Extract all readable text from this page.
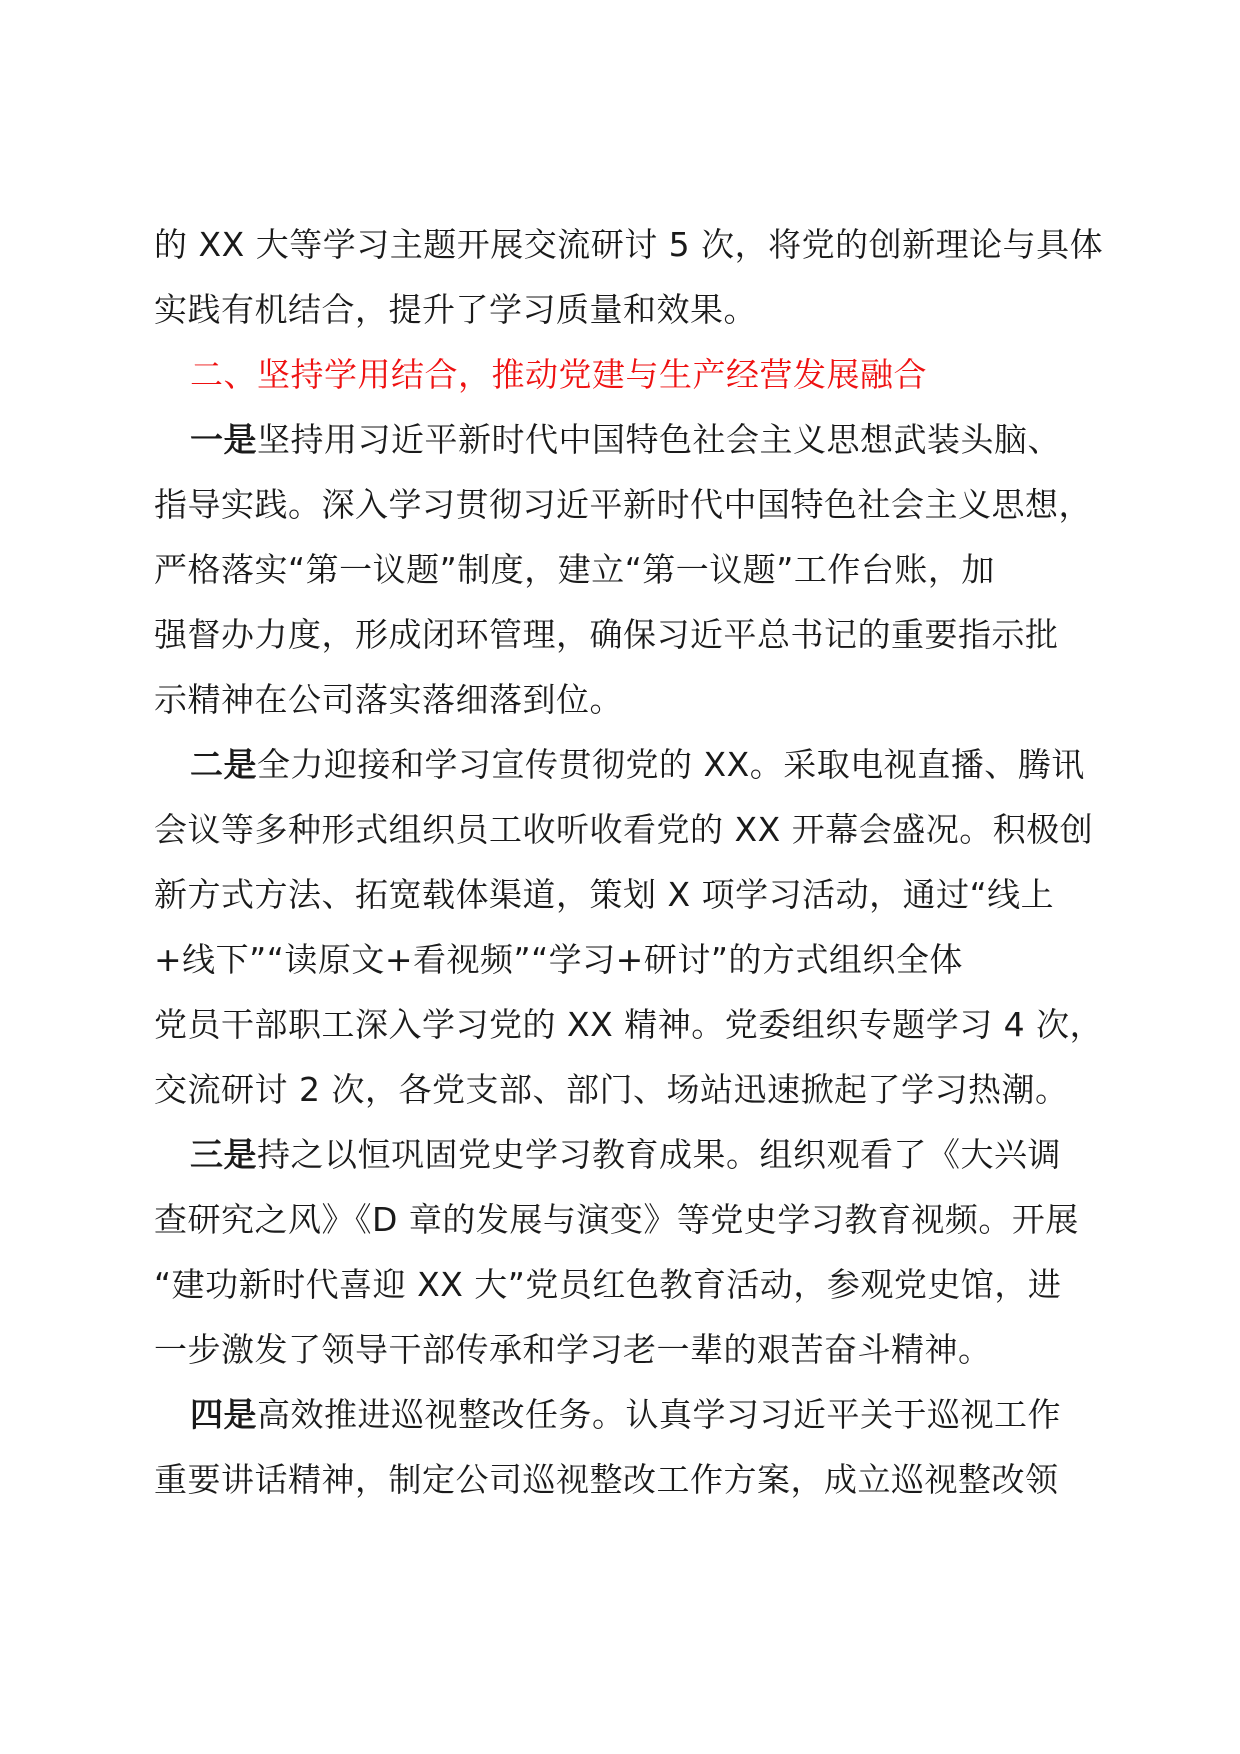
的 XX 大等学习主题开展交流研讨 5 次，将党的创新理论与具体
实践有机结合，提升了学习质量和效果。
二、坚持学用结合，推动党建与生产经营发展融合
一是坚持用习近平新时代中国特色社会主义思想武装头脑、
指导实践。深入学习贯彻习近平新时代中国特色社会主义思想，
严格落实“第一议题”制度，建立“第一议题”工作台账，加
强督办力度，形成闭环管理，确保习近平总书记的重要指示批
示精神在公司落实落细落到位。
二是全力迎接和学习宣传贯彻党的 XX。采取电视直播、腾讯
会议等多种形式组织员工收听收看党的 XX 开幕会盛况。积极创
新方式方法、拓宽载体渠道，策划 X 项学习活动，通过“线上
+线下”“读原文+看视频”“学习+研讨”的方式组织全体
党员干部职工深入学习党的 XX 精神。党委组织专题学习 4 次，
交流研讨 2 次，各党支部、部门、场站迅速掀起了学习热潮。
三是持之以恒巩固党史学习教育成果。组织观看了《大兴调
查研究之风》《D 章的发展与演变》等党史学习教育视频。开展
“建功新时代喜迎 XX 大”党员红色教育活动，参观党史馆，进
一步激发了领导干部传承和学习老一辈的艰苦奋斗精神。
四是高效推进巡视整改任务。认真学习习近平关于巡视工作
重要讲话精神，制定公司巡视整改工作方案，成立巡视整改领
